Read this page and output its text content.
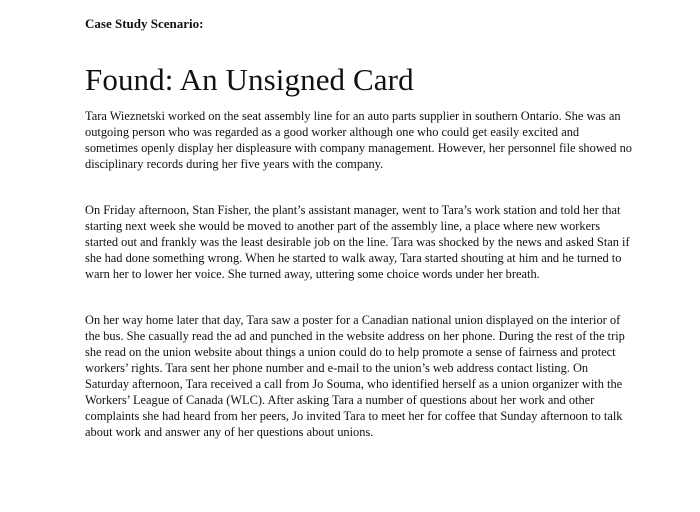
Case Study Scenario:

Found: An Unsigned Card

Tara Wieznetski worked on the seat assembly line for an auto parts supplier in southern Ontario. She was an outgoing person who was regarded as a good worker although one who could get easily excited and sometimes openly display her displeasure with company management. However, her personnel file showed no disciplinary records during her five years with the company.

On Friday afternoon, Stan Fisher, the plant’s assistant manager, went to Tara’s work station and told her that starting next week she would be moved to another part of the assembly line, a place where new workers started out and frankly was the least desirable job on the line. Tara was shocked by the news and asked Stan if she had done something wrong. When he started to walk away, Tara started shouting at him and he turned to warn her to lower her voice. She turned away, uttering some choice words under her breath.

On her way home later that day, Tara saw a poster for a Canadian national union displayed on the interior of the bus. She casually read the ad and punched in the website address on her phone. During the rest of the trip she read on the union website about things a union could do to help promote a sense of fairness and protect workers’ rights. Tara sent her phone number and e-mail to the union’s web address contact listing. On Saturday afternoon, Tara received a call from Jo Souma, who identified herself as a union organizer with the Workers’ League of Canada (WLC). After asking Tara a number of questions about her work and other complaints she had heard from her peers, Jo invited Tara to meet her for coffee that Sunday afternoon to talk about work and answer any of her questions about unions.
